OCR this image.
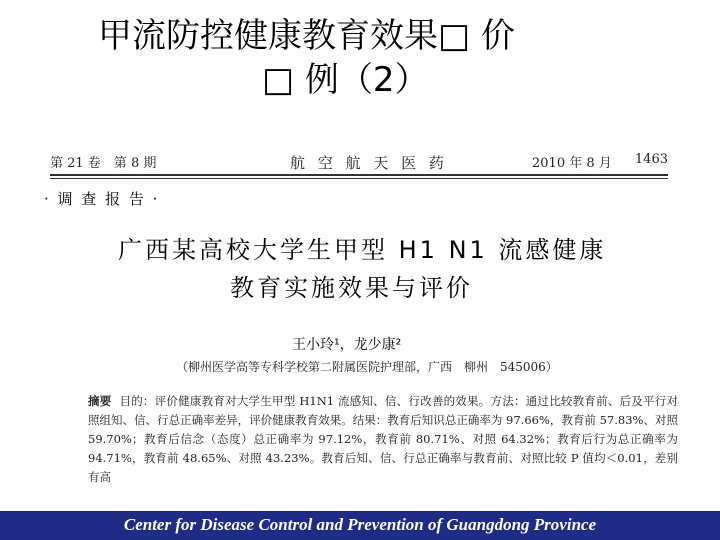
甲流防控健康教育效果□ 价
□ 例（2）
第 21 卷　第 8 期	航 空 航 天 医 药	2010 年 8 月 1463
· 调 查 报 告 ·
广西某高校大学生甲型 H1 N1 流感健康
教育实施效果与评价
王小玲¹，龙少康²
（柳州医学高等专科学校第二附属医院护理部，广西　柳州　545006）
摘要 目的：评价健康教育对大学生甲型 H1N1 流感知、信、行改善的效果。方法：通过比较教育前、后及平行对照组知、信、行总正确率差异，评价健康教育效果。结果：教育后知识总正确率为 97.66%，教育前 57.83%、对照 59.70%；教育后信念（态度）总正确率为 97.12%，教育前 80.71%、对照 64.32%；教育后行为总正确率为 94.71%，教育前 48.65%、对照 43.23%。教育后知、信、行总正确率与教育前、对照比较 P 值均＜0.01，差别有高
Center for Disease Control and Prevention of Guangdong Province
